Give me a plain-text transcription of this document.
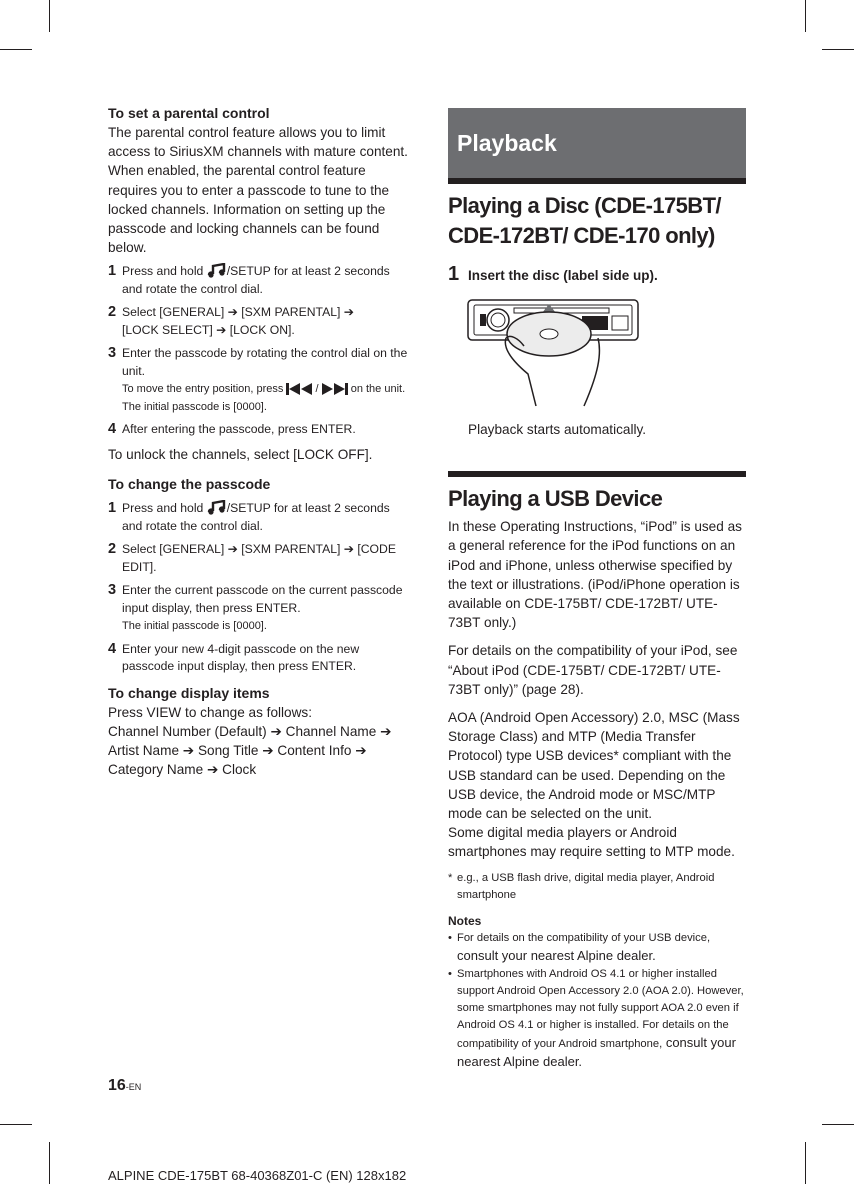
To set a parental control

The parental control feature allows you to limit access to SiriusXM channels with mature content. When enabled, the parental control feature requires you to enter a passcode to tune to the locked channels. Information on setting up the passcode and locking channels can be found below.

1 Press and hold /SETUP for at least 2 seconds and rotate the control dial.
2 Select [GENERAL] ➔ [SXM PARENTAL] ➔
[LOCK SELECT] ➔ [LOCK ON].
3 Enter the passcode by rotating the control dial on the unit.
To move the entry position, press  /  on the unit.
The initial passcode is [0000].
4 After entering the passcode, press ENTER.

To unlock the channels, select [LOCK OFF].

To change the passcode

1 Press and hold /SETUP for at least 2 seconds and rotate the control dial.
2 Select [GENERAL] ➔ [SXM PARENTAL] ➔ [CODE EDIT].
3 Enter the current passcode on the current passcode input display, then press ENTER.
The initial passcode is [0000].
4 Enter your new 4-digit passcode on the new passcode input display, then press ENTER.

To change display items

Press VIEW to change as follows:
Channel Number (Default) ➔ Channel Name ➔
Artist Name ➔ Song Title ➔ Content Info ➔
Category Name ➔ Clock

Playback

Playing a Disc (CDE-175BT/ CDE-172BT/ CDE-170 only)

1 Insert the disc (label side up).

Playback starts automatically.

Playing a USB Device

In these Operating Instructions, “iPod” is used as a general reference for the iPod functions on an iPod and iPhone, unless otherwise specified by the text or illustrations. (iPod/iPhone operation is available on CDE-175BT/ CDE-172BT/ UTE-73BT only.)

For details on the compatibility of your iPod, see “About iPod (CDE-175BT/ CDE-172BT/ UTE-73BT only)” (page 28).

AOA (Android Open Accessory) 2.0, MSC (Mass Storage Class) and MTP (Media Transfer Protocol) type USB devices* compliant with the USB standard can be used. Depending on the USB device, the Android mode or MSC/MTP mode can be selected on the unit.

Some digital media players or Android smartphones may require setting to MTP mode.

* e.g., a USB flash drive, digital media player, Android smartphone
Notes
• For details on the compatibility of your USB device,
consult your nearest Alpine dealer.
• Smartphones with Android OS 4.1 or higher installed support Android Open Accessory 2.0 (AOA 2.0). However, some smartphones may not fully support AOA 2.0 even if Android OS 4.1 or higher is installed. For details on the compatibility of your Android smartphone, consult your nearest Alpine dealer.
16-EN
ALPINE CDE-175BT 68-40368Z01-C (EN) 128x182
